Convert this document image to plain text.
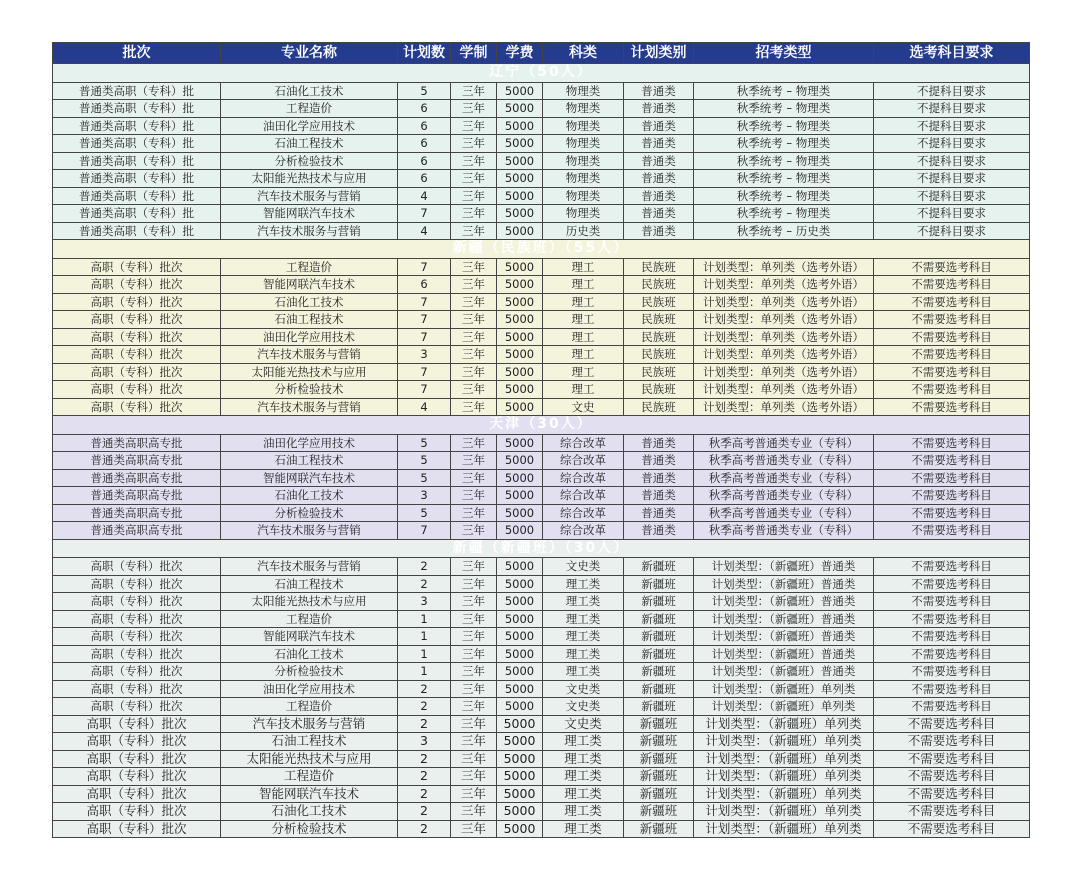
批次	专业名称	计划数	学制	学费	科类	计划类别	招考类型	选考科目要求
辽宁（50人）								
普通类高职（专科）批	石油化工技术	5	三年	5000	物理类	普通类	秋季统考 – 物理类	不提科目要求
普通类高职（专科）批	工程造价	6	三年	5000	物理类	普通类	秋季统考 – 物理类	不提科目要求
普通类高职（专科）批	油田化学应用技术	6	三年	5000	物理类	普通类	秋季统考 – 物理类	不提科目要求
普通类高职（专科）批	石油工程技术	6	三年	5000	物理类	普通类	秋季统考 – 物理类	不提科目要求
普通类高职（专科）批	分析检验技术	6	三年	5000	物理类	普通类	秋季统考 – 物理类	不提科目要求
普通类高职（专科）批	太阳能光热技术与应用	6	三年	5000	物理类	普通类	秋季统考 – 物理类	不提科目要求
普通类高职（专科）批	汽车技术服务与营销	4	三年	5000	物理类	普通类	秋季统考 – 物理类	不提科目要求
普通类高职（专科）批	智能网联汽车技术	7	三年	5000	物理类	普通类	秋季统考 – 物理类	不提科目要求
普通类高职（专科）批	汽车技术服务与营销	4	三年	5000	历史类	普通类	秋季统考 – 历史类	不提科目要求
新疆（民族班）（55人）								
高职（专科）批次	工程造价	7	三年	5000	理工	民族班	计划类型：单列类（选考外语）	不需要选考科目
高职（专科）批次	智能网联汽车技术	6	三年	5000	理工	民族班	计划类型：单列类（选考外语）	不需要选考科目
高职（专科）批次	石油化工技术	7	三年	5000	理工	民族班	计划类型：单列类（选考外语）	不需要选考科目
高职（专科）批次	石油工程技术	7	三年	5000	理工	民族班	计划类型：单列类（选考外语）	不需要选考科目
高职（专科）批次	油田化学应用技术	7	三年	5000	理工	民族班	计划类型：单列类（选考外语）	不需要选考科目
高职（专科）批次	汽车技术服务与营销	3	三年	5000	理工	民族班	计划类型：单列类（选考外语）	不需要选考科目
高职（专科）批次	太阳能光热技术与应用	7	三年	5000	理工	民族班	计划类型：单列类（选考外语）	不需要选考科目
高职（专科）批次	分析检验技术	7	三年	5000	理工	民族班	计划类型：单列类（选考外语）	不需要选考科目
高职（专科）批次	汽车技术服务与营销	4	三年	5000	文史	民族班	计划类型：单列类（选考外语）	不需要选考科目
天津（30人）								
普通类高职高专批	油田化学应用技术	5	三年	5000	综合改革	普通类	秋季高考普通类专业（专科）	不需要选考科目
普通类高职高专批	石油工程技术	5	三年	5000	综合改革	普通类	秋季高考普通类专业（专科）	不需要选考科目
普通类高职高专批	智能网联汽车技术	5	三年	5000	综合改革	普通类	秋季高考普通类专业（专科）	不需要选考科目
普通类高职高专批	石油化工技术	3	三年	5000	综合改革	普通类	秋季高考普通类专业（专科）	不需要选考科目
普通类高职高专批	分析检验技术	5	三年	5000	综合改革	普通类	秋季高考普通类专业（专科）	不需要选考科目
普通类高职高专批	汽车技术服务与营销	7	三年	5000	综合改革	普通类	秋季高考普通类专业（专科）	不需要选考科目
新疆（新疆班）（30人）								
高职（专科）批次	汽车技术服务与营销	2	三年	5000	文史类	新疆班	计划类型：（新疆班）普通类	不需要选考科目
高职（专科）批次	石油工程技术	2	三年	5000	理工类	新疆班	计划类型：（新疆班）普通类	不需要选考科目
高职（专科）批次	太阳能光热技术与应用	3	三年	5000	理工类	新疆班	计划类型：（新疆班）普通类	不需要选考科目
高职（专科）批次	工程造价	1	三年	5000	理工类	新疆班	计划类型：（新疆班）普通类	不需要选考科目
高职（专科）批次	智能网联汽车技术	1	三年	5000	理工类	新疆班	计划类型：（新疆班）普通类	不需要选考科目
高职（专科）批次	石油化工技术	1	三年	5000	理工类	新疆班	计划类型：（新疆班）普通类	不需要选考科目
高职（专科）批次	分析检验技术	1	三年	5000	理工类	新疆班	计划类型：（新疆班）普通类	不需要选考科目
高职（专科）批次	油田化学应用技术	2	三年	5000	文史类	新疆班	计划类型：（新疆班）单列类	不需要选考科目
高职（专科）批次	工程造价	2	三年	5000	文史类	新疆班	计划类型：（新疆班）单列类	不需要选考科目
高职（专科）批次	汽车技术服务与营销	2	三年	5000	文史类	新疆班	计划类型：（新疆班）单列类	不需要选考科目
高职（专科）批次	石油工程技术	3	三年	5000	理工类	新疆班	计划类型：（新疆班）单列类	不需要选考科目
高职（专科）批次	太阳能光热技术与应用	2	三年	5000	理工类	新疆班	计划类型：（新疆班）单列类	不需要选考科目
高职（专科）批次	工程造价	2	三年	5000	理工类	新疆班	计划类型：（新疆班）单列类	不需要选考科目
高职（专科）批次	智能网联汽车技术	2	三年	5000	理工类	新疆班	计划类型：（新疆班）单列类	不需要选考科目
高职（专科）批次	石油化工技术	2	三年	5000	理工类	新疆班	计划类型：（新疆班）单列类	不需要选考科目
高职（专科）批次	分析检验技术	2	三年	5000	理工类	新疆班	计划类型：（新疆班）单列类	不需要选考科目
